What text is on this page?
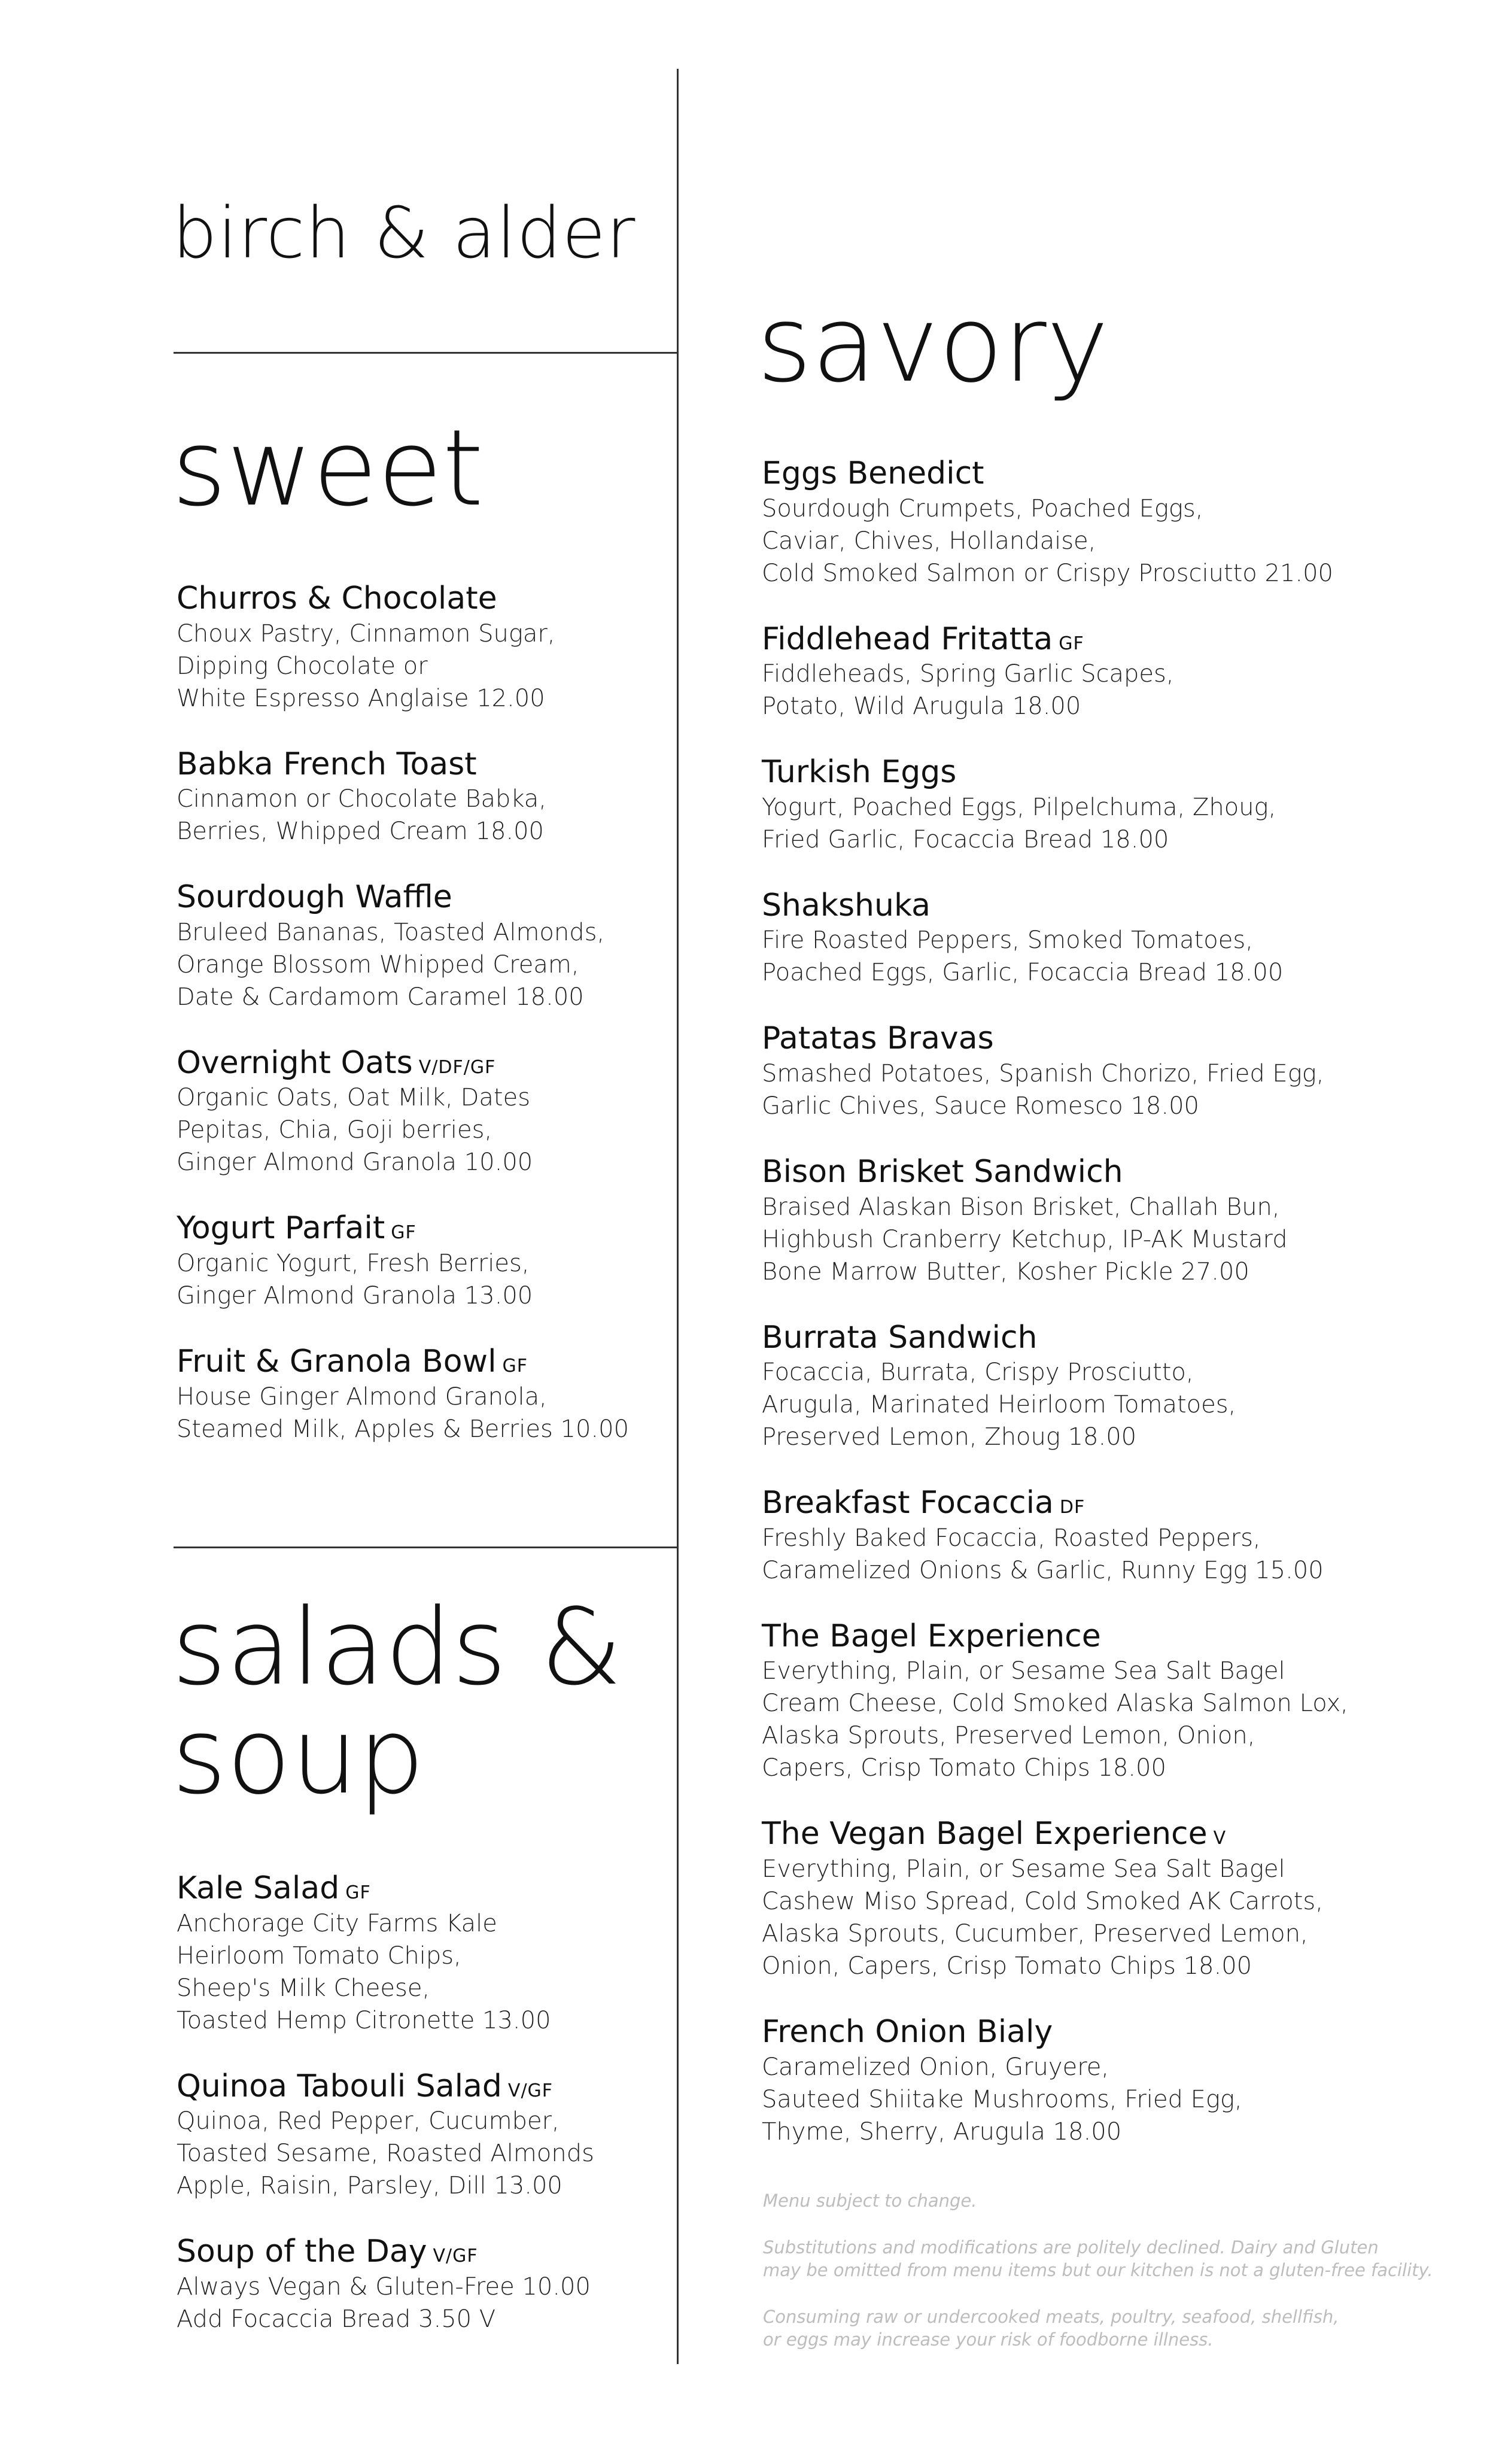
birch & alder
sweet
Churros & Chocolate
Choux Pastry, Cinnamon Sugar,
Dipping Chocolate or
White Espresso Anglaise 12.00
Babka French Toast
Cinnamon or Chocolate Babka,
Berries, Whipped Cream 18.00
Sourdough Waffle
Bruleed Bananas, Toasted Almonds,
Orange Blossom Whipped Cream,
Date & Cardamom Caramel 18.00
Overnight Oats V/DF/GF
Organic Oats, Oat Milk, Dates
Pepitas, Chia, Goji berries,
Ginger Almond Granola 10.00
Yogurt Parfait GF
Organic Yogurt, Fresh Berries,
Ginger Almond Granola 13.00
Fruit & Granola Bowl GF
House Ginger Almond Granola,
Steamed Milk, Apples & Berries 10.00
salads &
soup
Kale Salad GF
Anchorage City Farms Kale
Heirloom Tomato Chips,
Sheep's Milk Cheese,
Toasted Hemp Citronette 13.00
Quinoa Tabouli Salad V/GF
Quinoa, Red Pepper, Cucumber,
Toasted Sesame, Roasted Almonds
Apple, Raisin, Parsley, Dill 13.00
Soup of the Day V/GF
Always Vegan & Gluten-Free 10.00
Add Focaccia Bread 3.50 V
savory
Eggs Benedict
Sourdough Crumpets, Poached Eggs,
Caviar, Chives, Hollandaise,
Cold Smoked Salmon or Crispy Prosciutto 21.00
Fiddlehead Fritatta GF
Fiddleheads, Spring Garlic Scapes,
Potato, Wild Arugula 18.00
Turkish Eggs
Yogurt, Poached Eggs, Pilpelchuma, Zhoug,
Fried Garlic, Focaccia Bread 18.00
Shakshuka
Fire Roasted Peppers, Smoked Tomatoes,
Poached Eggs, Garlic, Focaccia Bread 18.00
Patatas Bravas
Smashed Potatoes, Spanish Chorizo, Fried Egg,
Garlic Chives, Sauce Romesco 18.00
Bison Brisket Sandwich
Braised Alaskan Bison Brisket, Challah Bun,
Highbush Cranberry Ketchup, IP-AK Mustard
Bone Marrow Butter, Kosher Pickle 27.00
Burrata Sandwich
Focaccia, Burrata, Crispy Prosciutto,
Arugula, Marinated Heirloom Tomatoes,
Preserved Lemon, Zhoug 18.00
Breakfast Focaccia DF
Freshly Baked Focaccia, Roasted Peppers,
Caramelized Onions & Garlic, Runny Egg 15.00
The Bagel Experience
Everything, Plain, or Sesame Sea Salt Bagel
Cream Cheese, Cold Smoked Alaska Salmon Lox,
Alaska Sprouts, Preserved Lemon, Onion,
Capers, Crisp Tomato Chips 18.00
The Vegan Bagel Experience V
Everything, Plain, or Sesame Sea Salt Bagel
Cashew Miso Spread, Cold Smoked AK Carrots,
Alaska Sprouts, Cucumber, Preserved Lemon,
Onion, Capers, Crisp Tomato Chips 18.00
French Onion Bialy
Caramelized Onion, Gruyere,
Sauteed Shiitake Mushrooms, Fried Egg,
Thyme, Sherry, Arugula 18.00
Menu subject to change.
Substitutions and modifications are politely declined. Dairy and Gluten
may be omitted from menu items but our kitchen is not a gluten-free facility.
Consuming raw or undercooked meats, poultry, seafood, shellfish,
or eggs may increase your risk of foodborne illness.
